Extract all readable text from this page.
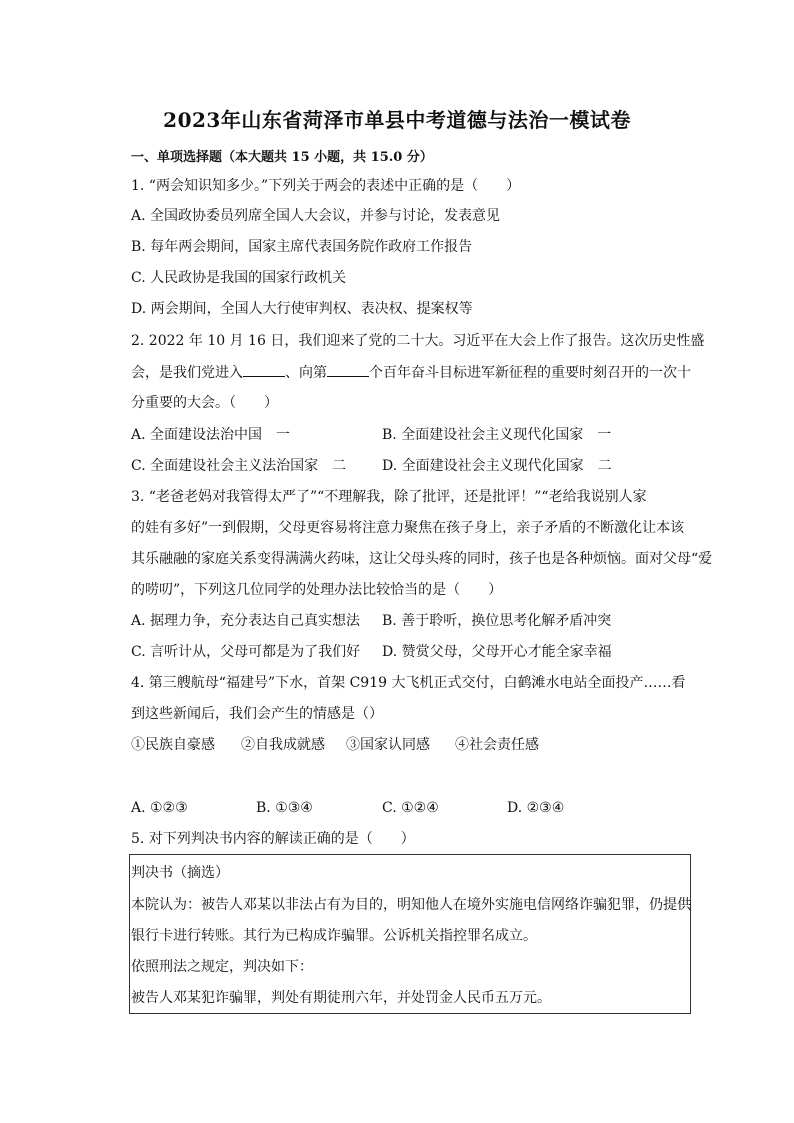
2023年山东省菏泽市单县中考道德与法治一模试卷
一、单项选择题（本大题共 15 小题，共 15.0 分）
1. “两会知识知多少。”下列关于两会的表述中正确的是（　　）
A. 全国政协委员列席全国人大会议，并参与讨论，发表意见
B. 每年两会期间，国家主席代表国务院作政府工作报告
C. 人民政协是我国的国家行政机关
D. 两会期间，全国人大行使审判权、表决权、提案权等
2. 2022 年 10 月 16 日，我们迎来了党的二十大。习近平在大会上作了报告。这次历史性盛
会，是我们党进入	、向第	个百年奋斗目标进军新征程的重要时刻召开的一次十
分重要的大会。（　　）
A. 全面建设法治中国　一	B. 全面建设社会主义现代化国家　一
C. 全面建设社会主义法治国家　二	D. 全面建设社会主义现代化国家　二
3. “老爸老妈对我管得太严了”“不理解我，除了批评，还是批评！”“老给我说别人家
的娃有多好”一到假期，父母更容易将注意力聚焦在孩子身上，亲子矛盾的不断激化让本该
其乐融融的家庭关系变得满满火药味，这让父母头疼的同时，孩子也是各种烦恼。面对父母“爱
的唠叨”，下列这几位同学的处理办法比较恰当的是（　　）
A. 据理力争，充分表达自己真实想法 B. 善于聆听，换位思考化解矛盾冲突
C. 言听计从，父母可都是为了我们好 D. 赞赏父母，父母开心才能全家幸福
4. 第三艘航母“福建号”下水，首架 C919 大飞机正式交付，白鹤滩水电站全面投产……看
到这些新闻后，我们会产生的情感是（）
①民族自豪感 ②自我成就感 ③国家认同感 ④社会责任感
A. ①②③	B. ①③④	C. ①②④	D. ②③④
5. 对下列判决书内容的解读正确的是（　　）
判决书（摘选）
本院认为：被告人邓某以非法占有为目的，明知他人在境外实施电信网络诈骗犯罪，仍提供
银行卡进行转账。其行为已构成诈骗罪。公诉机关指控罪名成立。
依照刑法之规定，判决如下：
被告人邓某犯诈骗罪，判处有期徒刑六年，并处罚金人民币五万元。
